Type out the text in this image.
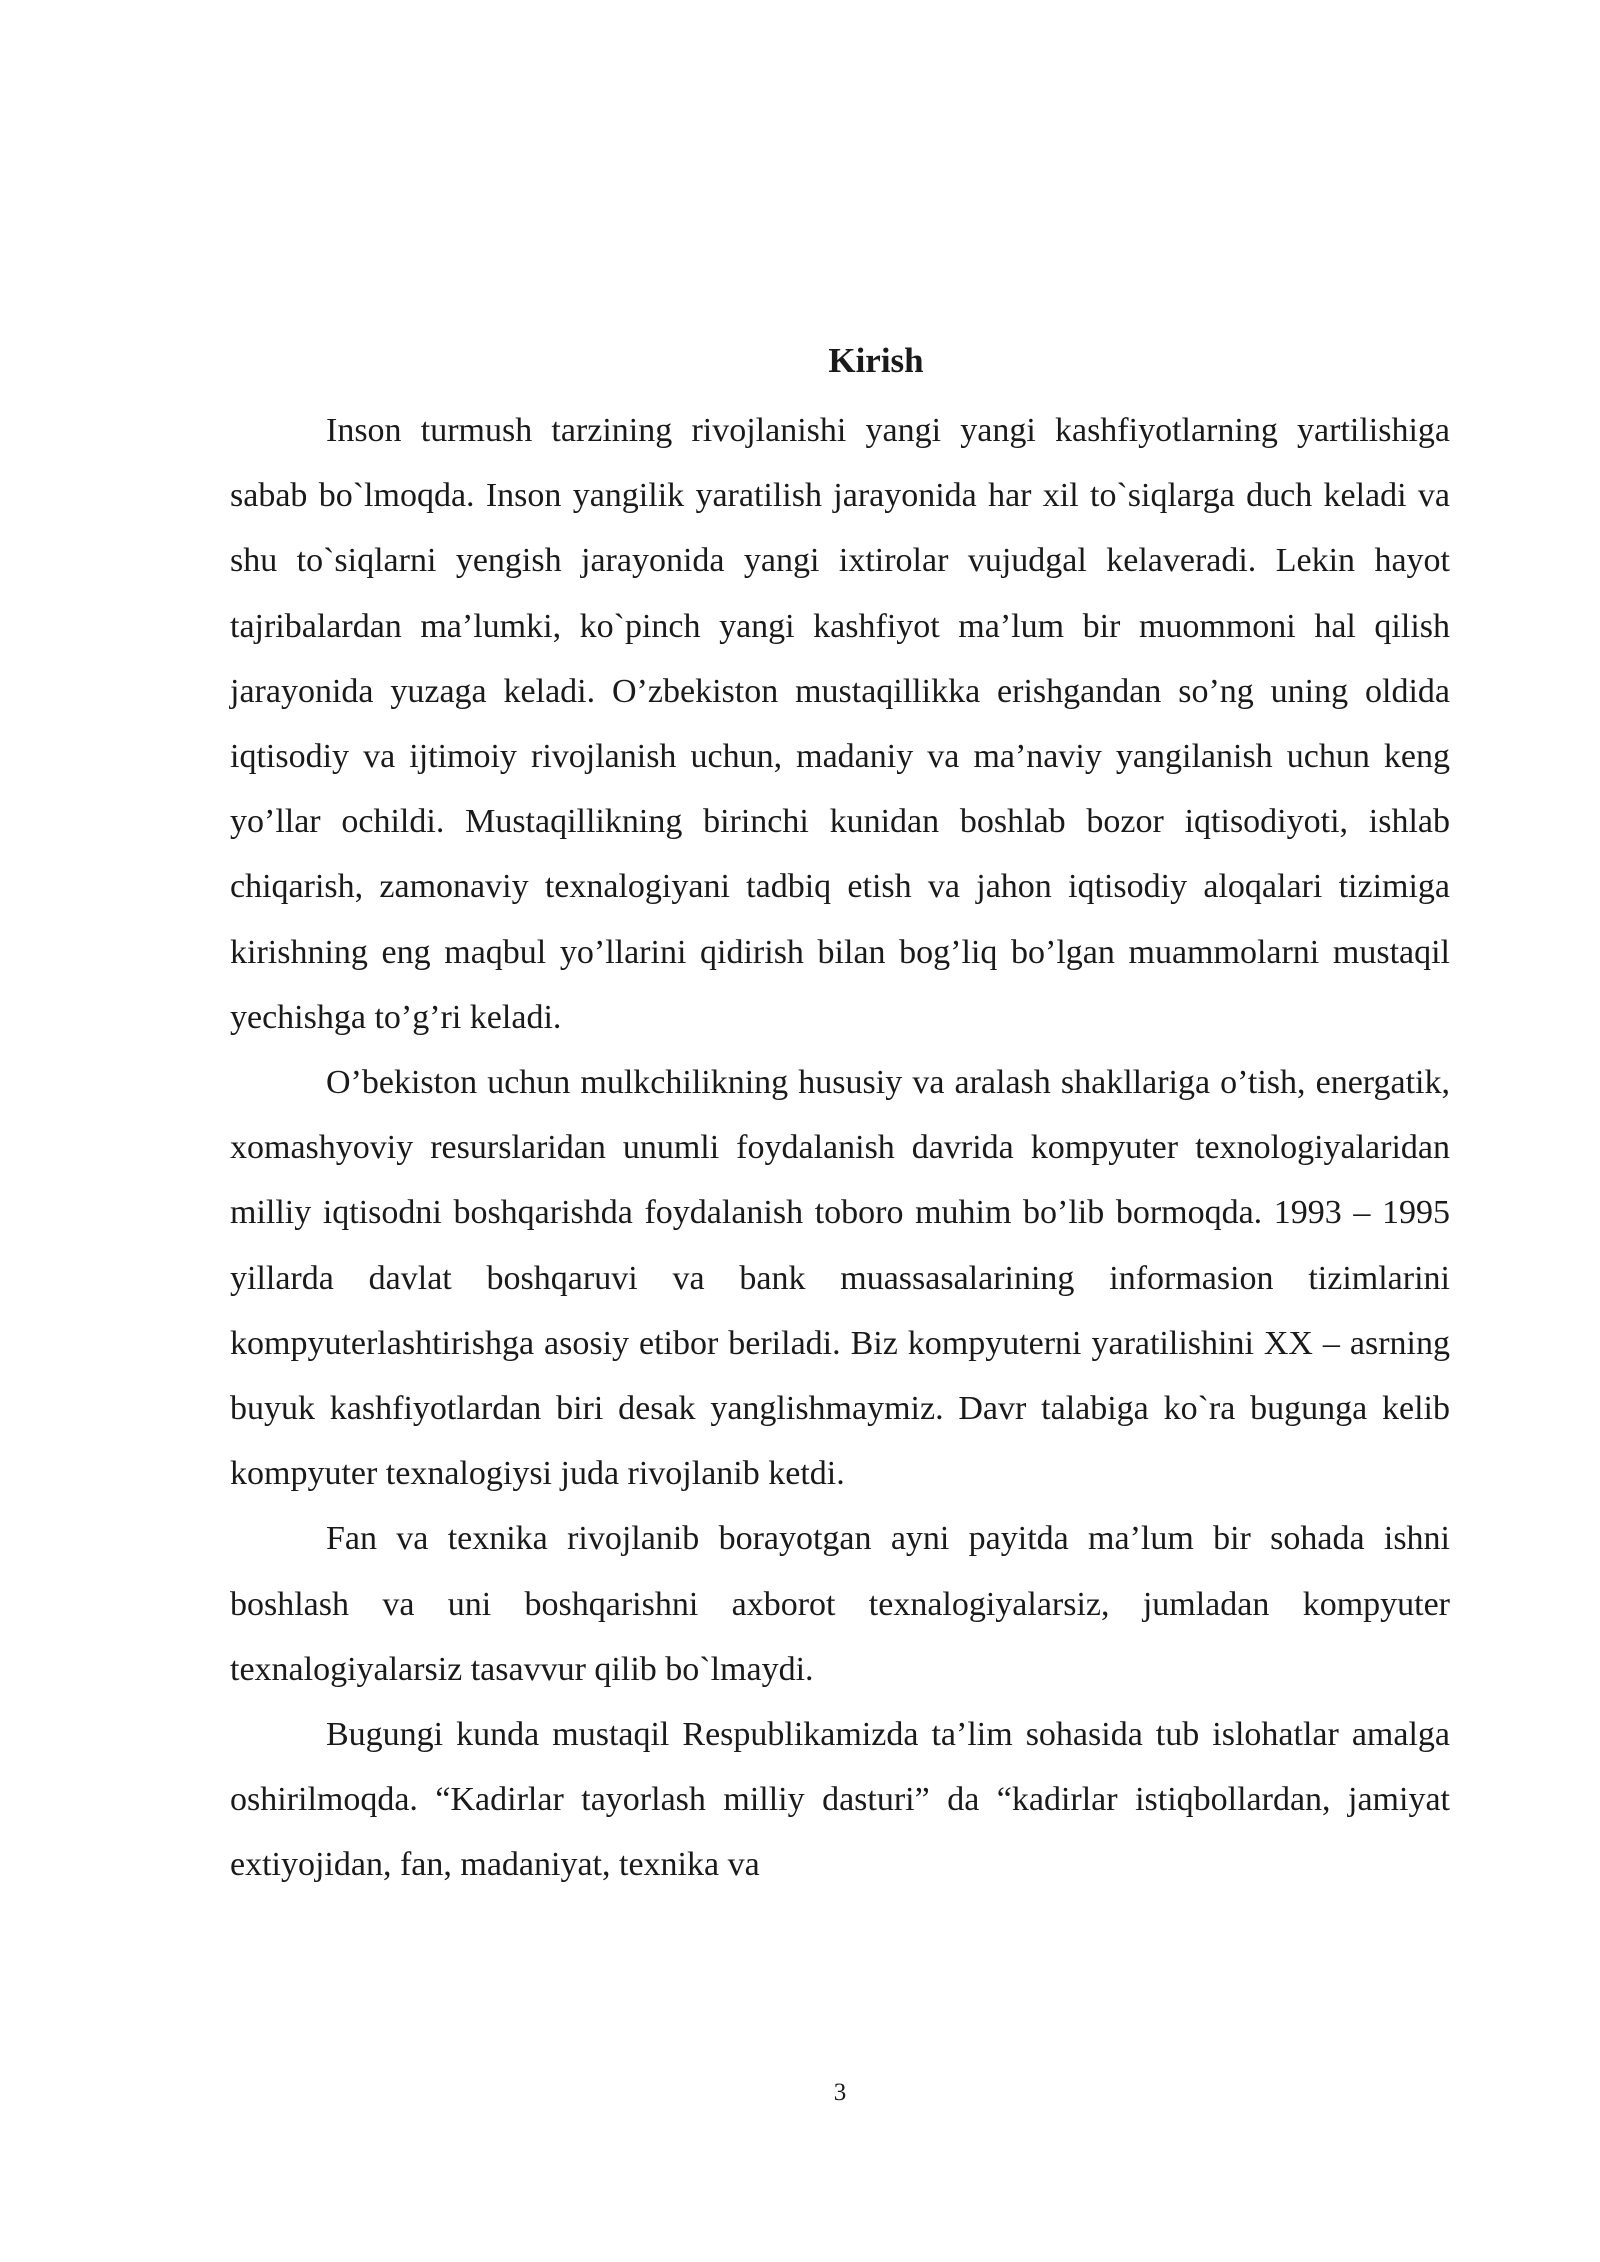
Kirish

Inson turmush tarzining rivojlanishi yangi yangi kashfiyotlarning yartilishiga sabab bo`lmoqda. Inson yangilik yaratilish jarayonida har xil to`siqlarga duch keladi va shu to`siqlarni yengish jarayonida yangi ixtirolar vujudgal kelaveradi. Lekin hayot tajribalardan ma’lumki, ko`pinch yangi kashfiyot ma’lum bir muommoni hal qilish jarayonida yuzaga keladi. O’zbekiston mustaqillikka erishgandan so’ng uning oldida iqtisodiy va ijtimoiy rivojlanish uchun, madaniy va ma’naviy yangilanish uchun keng yo’llar ochildi. Mustaqillikning birinchi kunidan boshlab bozor iqtisodiyoti, ishlab chiqarish, zamonaviy texnalogiyani tadbiq etish va jahon iqtisodiy aloqalari tizimiga kirishning eng maqbul yo’llarini qidirish bilan bog’liq bo’lgan muammolarni mustaqil yechishga to’g’ri keladi.

O’bekiston uchun mulkchilikning hususiy va aralash shakllariga o’tish, energatik, xomashyoviy resurslaridan unumli foydalanish davrida kompyuter texnologiyalaridan milliy iqtisodni boshqarishda foydalanish toboro muhim bo’lib bormoqda. 1993 – 1995 yillarda davlat boshqaruvi va bank muassasalarining informasion tizimlarini kompyuterlashtirishga asosiy etibor beriladi. Biz kompyuterni yaratilishini XX – asrning buyuk kashfiyotlardan biri desak yanglishmaymiz. Davr talabiga ko`ra bugunga kelib kompyuter texnalogiysi juda rivojlanib ketdi.

Fan va texnika rivojlanib borayotgan ayni payitda ma’lum bir sohada ishni boshlash va uni boshqarishni axborot texnalogiyalarsiz, jumladan kompyuter texnalogiyalarsiz tasavvur qilib bo`lmaydi.

Bugungi kunda mustaqil Respublikamizda ta’lim sohasida tub islohatlar amalga oshirilmoqda. “Kadirlar tayorlash milliy dasturi” da “kadirlar istiqbollardan, jamiyat extiyojidan, fan, madaniyat, texnika va

3
